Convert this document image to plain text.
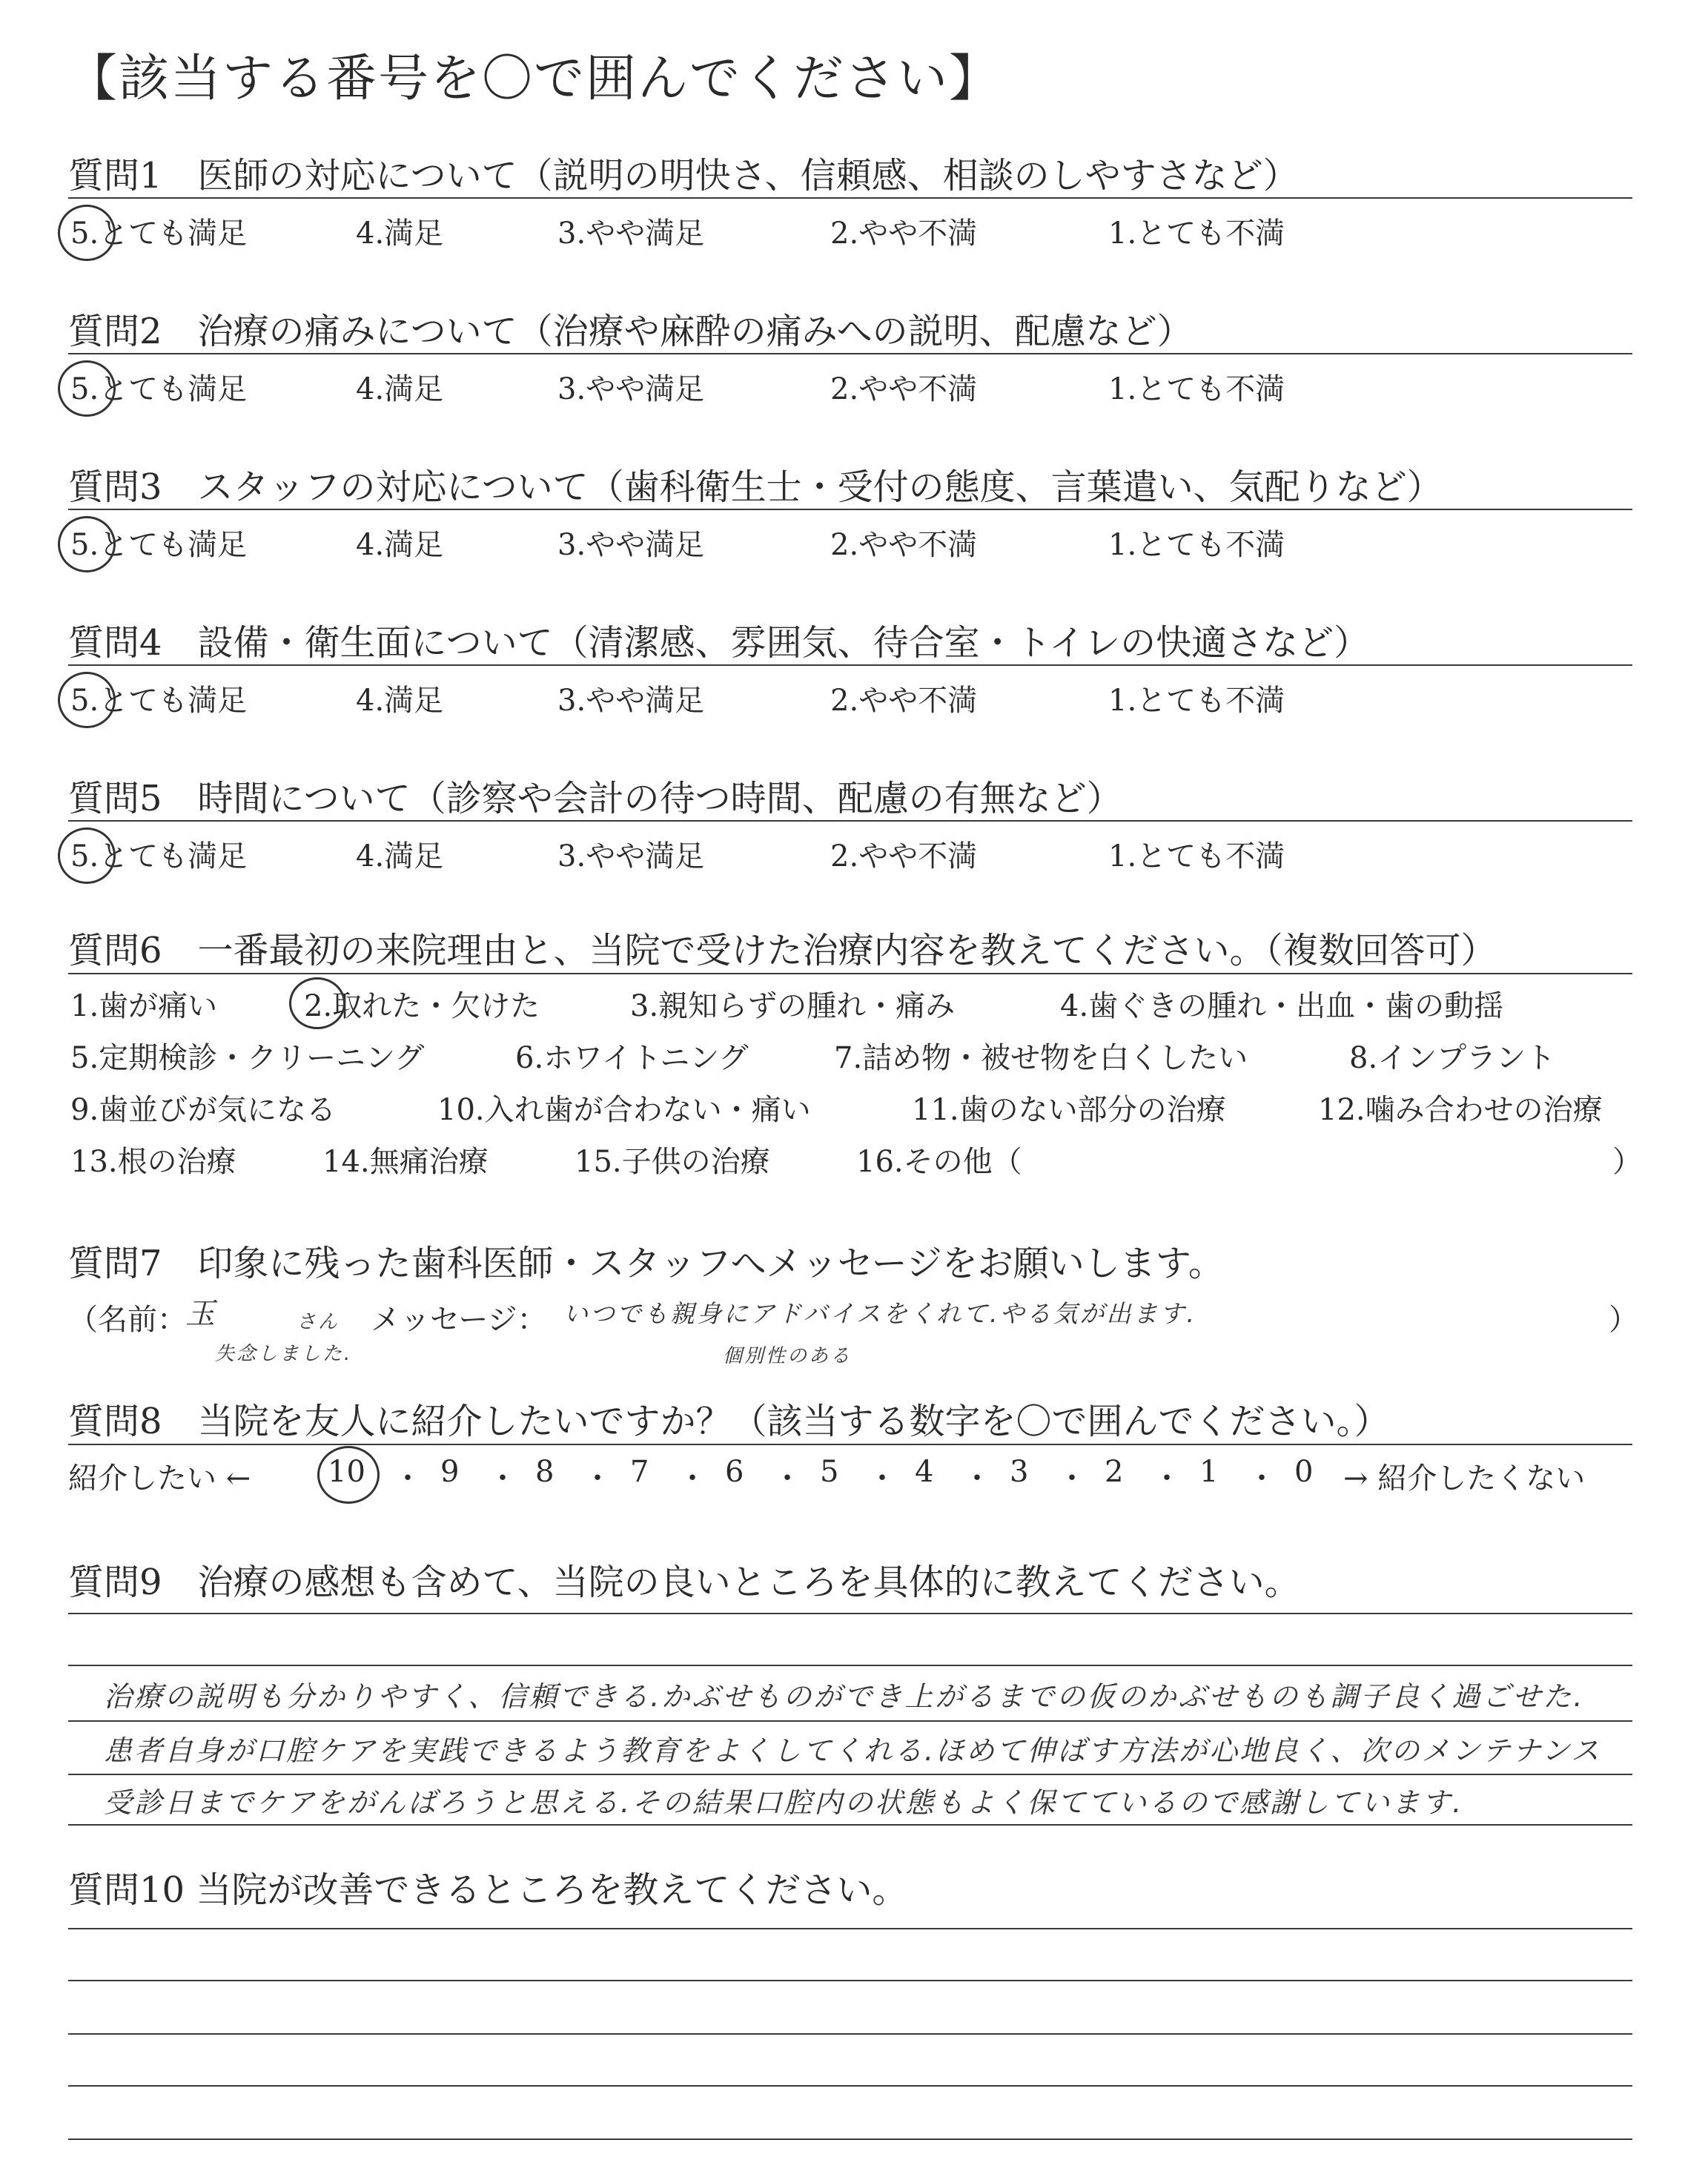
【該当する番号を〇で囲んでください】
質問1　医師の対応について（説明の明快さ、信頼感、相談のしやすさなど）
5.とても満足	4.満足	3.やや満足	2.やや不満	1.とても不満
質問2　治療の痛みについて（治療や麻酔の痛みへの説明、配慮など）
5.とても満足	4.満足	3.やや満足	2.やや不満	1.とても不満
質問3　スタッフの対応について（歯科衛生士・受付の態度、言葉遣い、気配りなど）
5.とても満足	4.満足	3.やや満足	2.やや不満	1.とても不満
質問4　設備・衛生面について（清潔感、雰囲気、待合室・トイレの快適さなど）
5.とても満足	4.満足	3.やや満足	2.やや不満	1.とても不満
質問5　時間について（診察や会計の待つ時間、配慮の有無など）
5.とても満足	4.満足	3.やや満足	2.やや不満	1.とても不満
質問6　一番最初の来院理由と、当院で受けた治療内容を教えてください。（複数回答可）
1.歯が痛い	2.取れた・欠けた	3.親知らずの腫れ・痛み	4.歯ぐきの腫れ・出血・歯の動揺
5.定期検診・クリーニング	6.ホワイトニング	7.詰め物・被せ物を白くしたい	8.インプラント
9.歯並びが気になる	10.入れ歯が合わない・痛い	11.歯のない部分の治療	12.噛み合わせの治療
13.根の治療	14.無痛治療	15.子供の治療	16.その他（	）
質問7　印象に残った歯科医師・スタッフへメッセージをお願いします。
（名前：
玉	さん
失念しました.
メッセージ： いつでも親身にアドバイスをくれて.やる気が出ます.
個別性のある
）
質問8　当院を友人に紹介したいですか？（該当する数字を〇で囲んでください。）
紹介したい ←	10 ・ 9 ・ 8 ・ 7 ・ 6 ・ 5 ・ 4 ・ 3 ・ 2 ・ 1 ・ 0 → 紹介したくない
質問9　治療の感想も含めて、当院の良いところを具体的に教えてください。
治療の説明も分かりやすく、信頼できる.かぶせものができ上がるまでの仮のかぶせものも調子良く過ごせた.
患者自身が口腔ケアを実践できるよう教育をよくしてくれる.ほめて伸ばす方法が心地良く、次のメンテナンス
受診日までケアをがんばろうと思える.その結果口腔内の状態もよく保てているので感謝しています.
質問10 当院が改善できるところを教えてください。
